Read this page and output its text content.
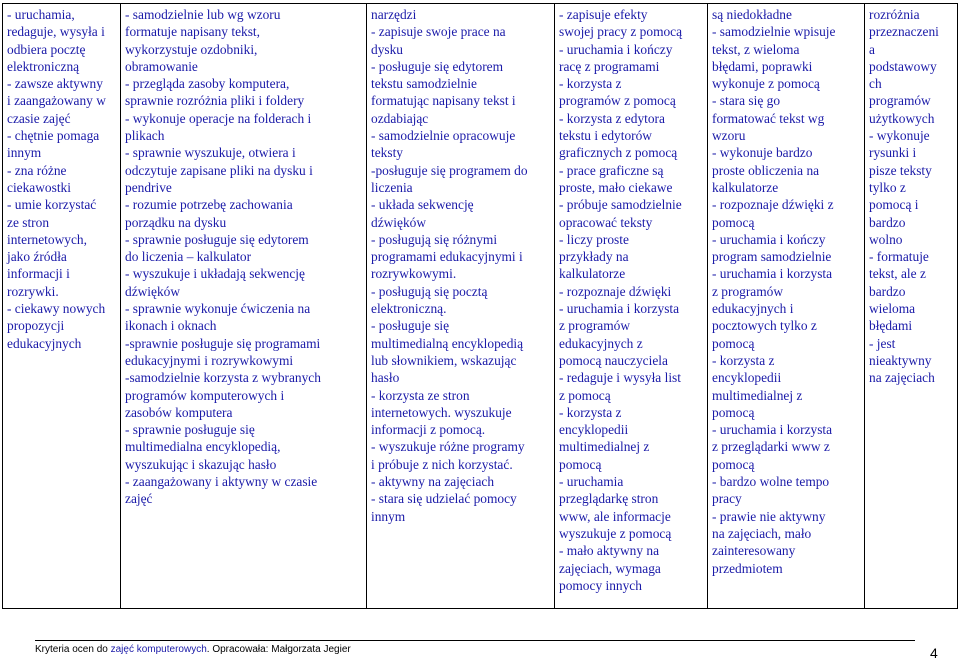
- uruchamia,
redaguje, wysyła i
odbiera pocztę
elektroniczną
- zawsze aktywny
i zaangażowany w
czasie zajęć
- chętnie pomaga
innym
- zna różne
ciekawostki
- umie korzystać
ze stron
internetowych,
jako źródła
informacji i
rozrywki.
- ciekawy nowych
propozycji
edukacyjnych

- samodzielnie lub wg wzoru
formatuje napisany tekst,
wykorzystuje ozdobniki,
obramowanie
- przegląda zasoby komputera,
sprawnie rozróżnia pliki i foldery
- wykonuje operacje na folderach i
plikach
- sprawnie wyszukuje, otwiera i
odczytuje zapisane pliki na dysku i
pendrive
- rozumie potrzebę zachowania
porządku na dysku
- sprawnie posługuje się edytorem
do liczenia – kalkulator
- wyszukuje i układają sekwencję
dźwięków
- sprawnie wykonuje ćwiczenia na
ikonach i oknach
-sprawnie posługuje się programami
edukacyjnymi i rozrywkowymi
-samodzielnie korzysta z wybranych
programów komputerowych i
zasobów komputera
- sprawnie posługuje się
multimedialna encyklopedią,
wyszukując i skazując hasło
- zaangażowany i aktywny w czasie
zajęć

narzędzi
- zapisuje swoje prace na
dysku
- posługuje się edytorem
tekstu samodzielnie
formatując napisany tekst i
ozdabiając
- samodzielnie opracowuje
teksty
-posługuje się programem do
liczenia
- układa sekwencję
dźwięków
- posługują się różnymi
programami edukacyjnymi i
rozrywkowymi.
- posługują się pocztą
elektroniczną.
- posługuje się
multimedialną encyklopedią
lub słownikiem, wskazując
hasło
- korzysta ze stron
internetowych. wyszukuje
informacji z pomocą.
- wyszukuje różne programy
i próbuje z nich korzystać.
- aktywny na zajęciach
- stara się udzielać pomocy
innym

- zapisuje efekty
swojej pracy z pomocą
- uruchamia i kończy
racę z programami
- korzysta z
programów z pomocą
- korzysta z edytora
tekstu i edytorów
graficznych z pomocą
- prace graficzne są
proste, mało ciekawe
- próbuje samodzielnie
opracować teksty
- liczy proste
przykłady na
kalkulatorze
- rozpoznaje dźwięki
- uruchamia i korzysta
z programów
edukacyjnych z
pomocą nauczyciela
- redaguje i wysyła list
z pomocą
- korzysta z
encyklopedii
multimedialnej z
pomocą
- uruchamia
przeglądarkę stron
www, ale informacje
wyszukuje z pomocą
- mało aktywny na
zajęciach, wymaga
pomocy innych

są niedokładne
- samodzielnie wpisuje
tekst, z wieloma
błędami, poprawki
wykonuje z pomocą
- stara się go
formatować tekst wg
wzoru
- wykonuje bardzo
proste obliczenia na
kalkulatorze
- rozpoznaje dźwięki z
pomocą
- uruchamia i kończy
program samodzielnie
- uruchamia i korzysta
z programów
edukacyjnych i
pocztowych tylko z
pomocą
- korzysta z
encyklopedii
multimedialnej z
pomocą
- uruchamia i korzysta
z przeglądarki www z
pomocą
- bardzo wolne tempo
pracy
- prawie nie aktywny
na zajęciach, mało
zainteresowany
przedmiotem

rozróżnia
przeznaczeni
a
podstawowy
ch
programów
użytkowych
- wykonuje
rysunki i
pisze teksty
tylko z
pomocą i
bardzo
wolno
- formatuje
tekst, ale z
bardzo
wieloma
błędami
- jest
nieaktywny
na zajęciach
Kryteria ocen do zajęć komputerowych. Opracowała: Małgorzata Jegier	4
